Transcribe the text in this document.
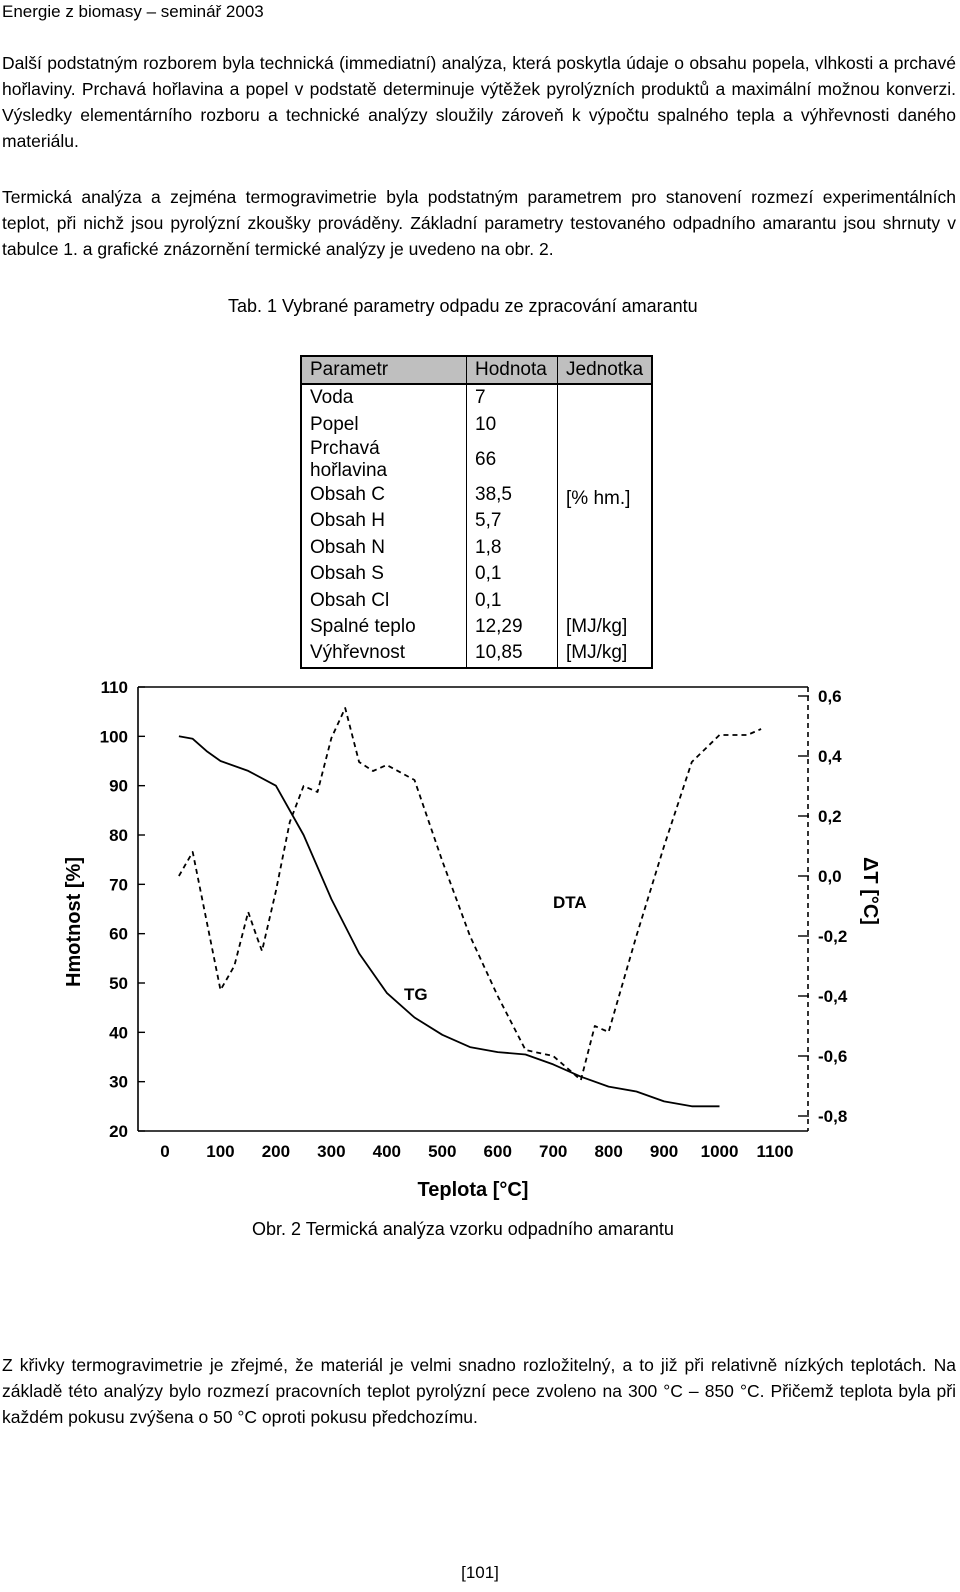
Energie z biomasy – seminář 2003

Další podstatným rozborem byla technická (immediatní) analýza, která poskytla údaje o obsahu popela, vlhkosti a prchavé hořlaviny. Prchavá hořlavina a popel v podstatě determinuje výtěžek pyrolýzních produktů a maximální možnou konverzi. Výsledky elementárního rozboru a technické analýzy sloužily zároveň k výpočtu spalného tepla a výhřevnosti daného materiálu.

Termická analýza a zejména termogravimetrie byla podstatným parametrem pro stanovení rozmezí experimentálních teplot, při nichž jsou pyrolýzní zkoušky prováděny. Základní parametry testovaného odpadního amarantu jsou shrnuty v tabulce 1. a grafické znázornění termické analýzy je uvedeno na obr. 2.

Tab. 1 Vybrané parametry odpadu ze zpracování amarantu
Parametr	Hodnota	Jednotka
Voda	7	[% hm.]
Popel	10	
Prchavá hořlavina	66	
Obsah C	38,5	
Obsah H	5,7	
Obsah N	1,8	
Obsah S	0,1	
Obsah Cl	0,1	
Spalné teplo	12,29	[MJ/kg]
Výhřevnost	10,85	[MJ/kg]
20
30
40
50
60
70
80
90
100
110
-0,8
-0,6
-0,4
-0,2
0,0
0,2
0,4
0,6
0 100 200 300 400 500 600 700 800 900 1000 1100
Hmotnost [%]	ΔT [°C]
Teplota [°C]
TG
DTA
Obr. 2 Termická analýza vzorku odpadního amarantu

Z křivky termogravimetrie je zřejmé, že materiál je velmi snadno rozložitelný, a to již při relativně nízkých teplotách. Na základě této analýzy bylo rozmezí pracovních teplot pyrolýzní pece zvoleno na 300 °C – 850 °C. Přičemž teplota byla při každém pokusu zvýšena o 50 °C oproti pokusu předchozímu.

[101]
